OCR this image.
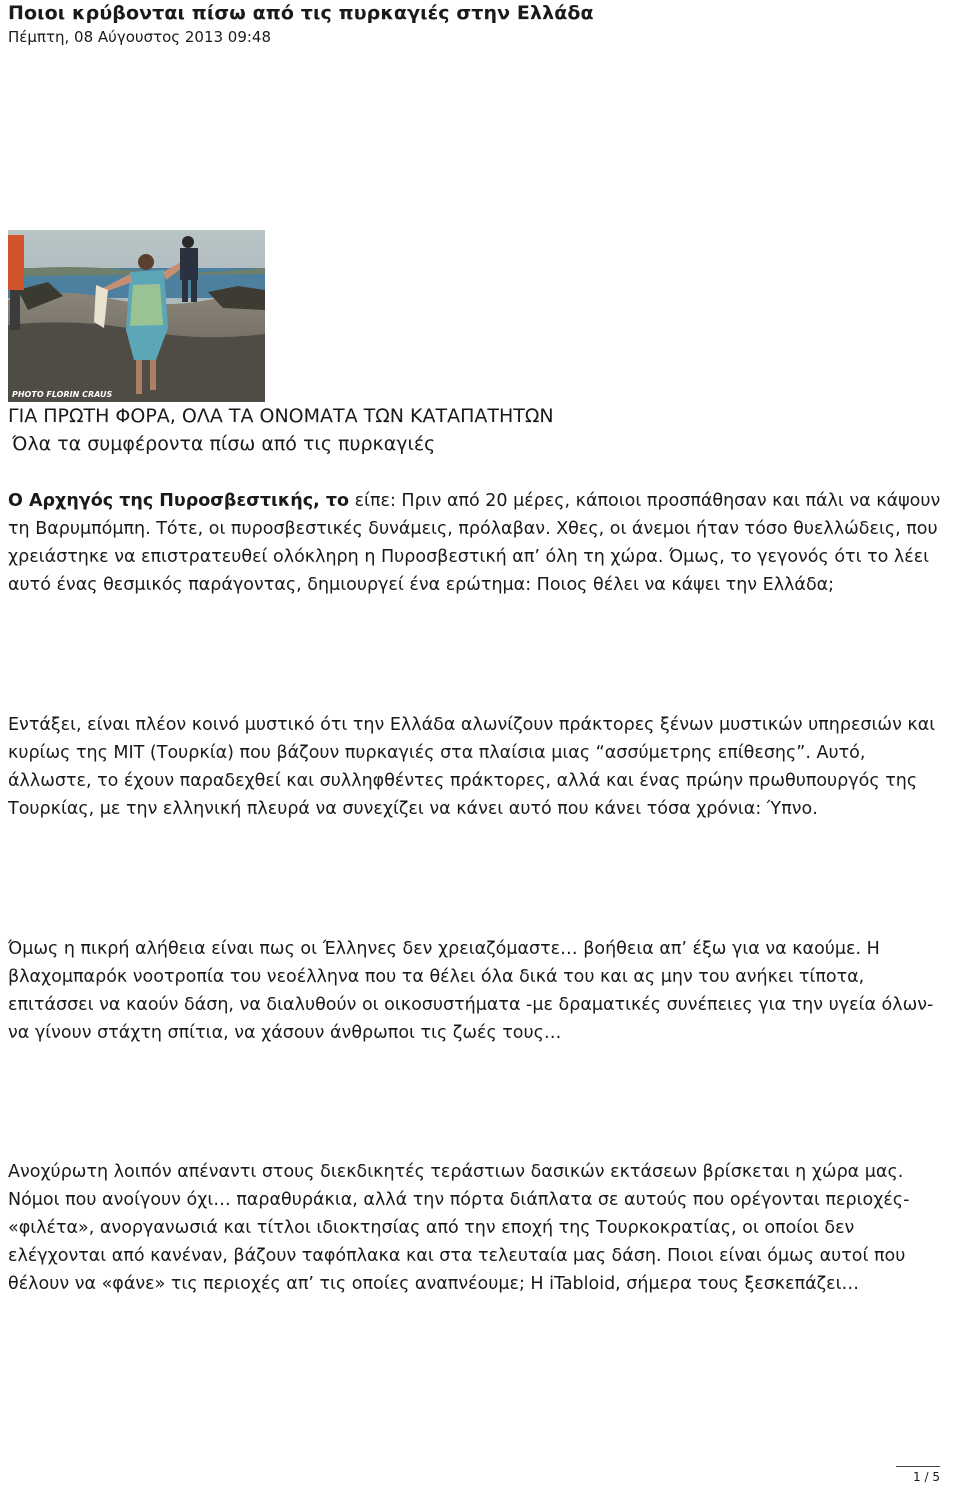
Ποιοι κρύβονται πίσω από τις πυρκαγιές στην Ελλάδα
Πέμπτη, 08 Αύγουστος 2013 09:48
PHOTO FLORIN CRAUS
ΓΙΑ ΠΡΩΤΗ ΦΟΡΑ, ΟΛΑ ΤΑ ΟΝΟΜΑΤΑ ΤΩΝ ΚΑΤΑΠΑΤΗΤΩΝ
Όλα τα συμφέροντα πίσω από τις πυρκαγιές

Ο Αρχηγός της Πυροσβεστικής, το είπε: Πριν από 20 μέρες, κάποιοι προσπάθησαν και πάλι να κάψουν τη Βαρυμπόμπη. Τότε, οι πυροσβεστικές δυνάμεις, πρόλαβαν. Χθες, οι άνεμοι ήταν τόσο θυελλώδεις, που χρειάστηκε να επιστρατευθεί ολόκληρη η Πυροσβεστική απ’ όλη τη χώρα. Όμως, το γεγονός ότι το λέει αυτό ένας θεσμικός παράγοντας, δημιουργεί ένα ερώτημα: Ποιος θέλει να κάψει την Ελλάδα;

Εντάξει, είναι πλέον κοινό μυστικό ότι την Ελλάδα αλωνίζουν πράκτορες ξένων μυστικών υπηρεσιών και κυρίως της ΜΙΤ (Τουρκία) που βάζουν πυρκαγιές στα πλαίσια μιας “ασσύμετρης επίθεσης”. Αυτό, άλλωστε, το έχουν παραδεχθεί και συλληφθέντες πράκτορες, αλλά και ένας πρώην πρωθυπουργός της Τουρκίας, με την ελληνική πλευρά να συνεχίζει να κάνει αυτό που κάνει τόσα χρόνια: Ύπνο.

Όμως η πικρή αλήθεια είναι πως οι Έλληνες δεν χρειαζόμαστε… βοήθεια απ’ έξω για να καούμε. Η βλαχομπαρόκ νοοτροπία του νεοέλληνα που τα θέλει όλα δικά του και ας μην του ανήκει τίποτα, επιτάσσει να καούν δάση, να διαλυθούν οι οικοσυστήματα -με δραματικές συνέπειες για την υγεία όλων- να γίνουν στάχτη σπίτια, να χάσουν άνθρωποι τις ζωές τους…

Ανοχύρωτη λοιπόν απέναντι στους διεκδικητές τεράστιων δασικών εκτάσεων βρίσκεται η χώρα μας. Νόμοι που ανοίγουν όχι… παραθυράκια, αλλά την πόρτα διάπλατα σε αυτούς που ορέγονται περιοχές- «φιλέτα», ανοργανωσιά και τίτλοι ιδιοκτησίας από την εποχή της Τουρκοκρατίας, οι οποίοι δεν ελέγχονται από κανέναν, βάζουν ταφόπλακα και στα τελευταία μας δάση. Ποιοι είναι όμως αυτοί που θέλουν να «φάνε» τις περιοχές απ’ τις οποίες αναπνέουμε; Η iTabloid, σήμερα τους ξεσκεπάζει…

1 / 5
